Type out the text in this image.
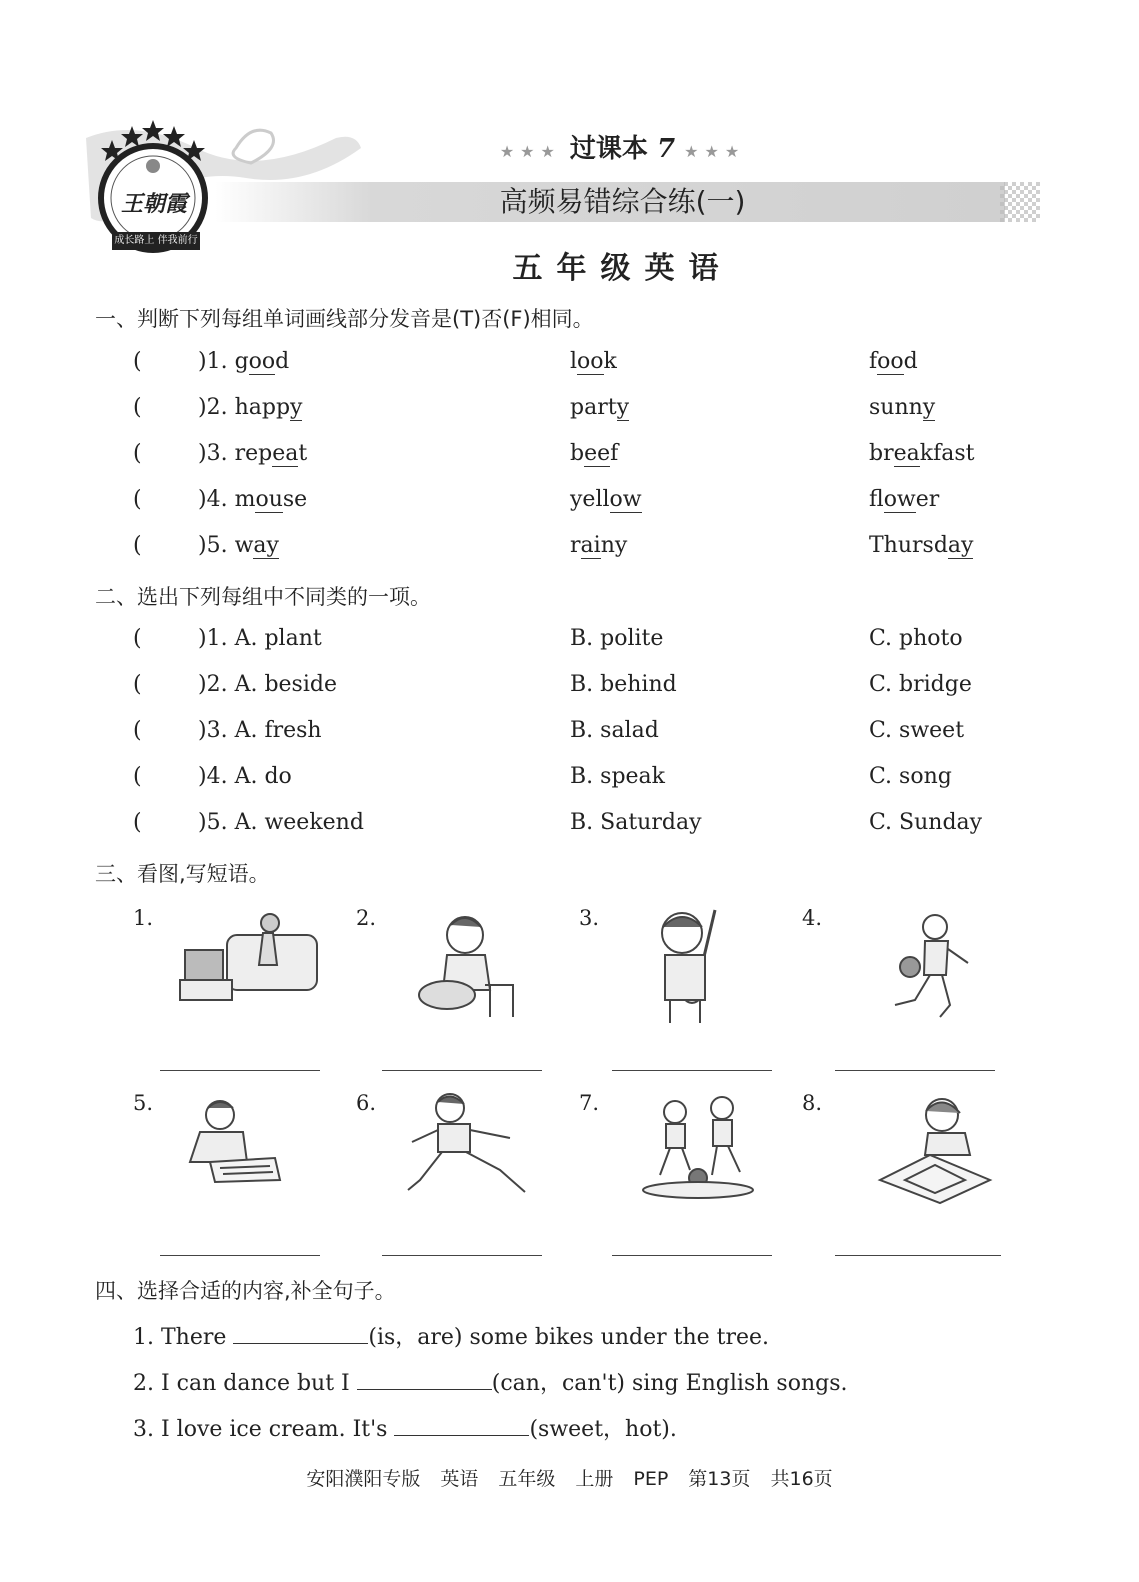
王朝霞
成长路上 伴我前行
★★★ 过课本 7 ★★★
高频易错综合练(一)
五年级英语
一、判断下列每组单词画线部分发音是(T)否(F)相同。
(	)1. good	look	food
(	)2. happy	party	sunny
(	)3. repeat	beef	breakfast
(	)4. mouse	yellow	flower
(	)5. way	rainy	Thursday
二、选出下列每组中不同类的一项。
(	)1. A. plant	B. polite	C. photo
(	)2. A. beside	B. behind	C. bridge
(	)3. A. fresh	B. salad	C. sweet
(	)4. A. do	B. speak	C. song
(	)5. A. weekend	B. Saturday	C. Sunday
三、看图,写短语。
1.	2.	3.	4.
5.	6.	7.	8.
四、选择合适的内容,补全句子。
1. There	(is，are) some bikes under the tree.
2. I can dance but I	(can，can't) sing English songs.
3. I love ice cream. It's	(sweet，hot).
安阳濮阳专版 英语 五年级 上册 PEP 第13页 共16页
